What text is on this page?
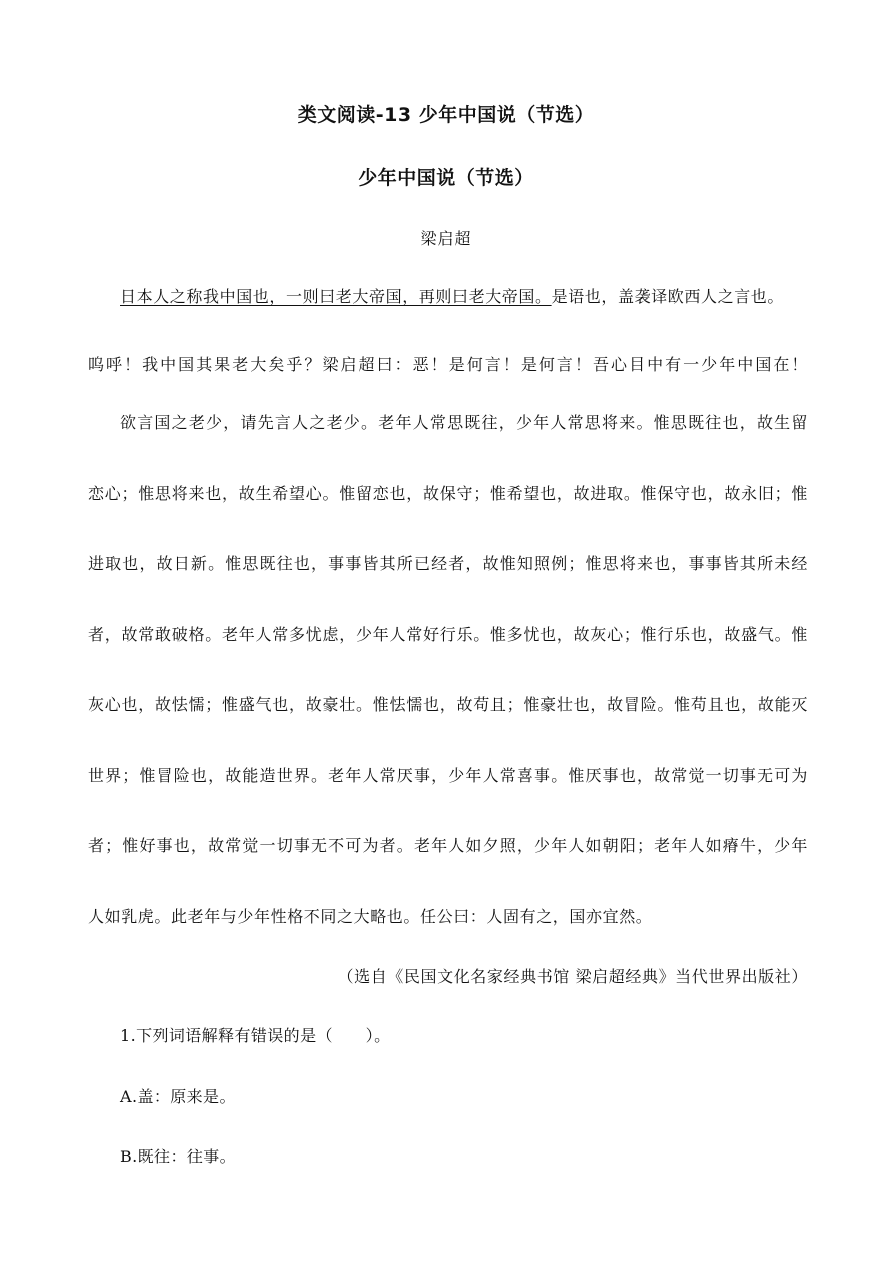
类文阅读-13 少年中国说（节选）
少年中国说（节选）
梁启超
日本人之称我中国也，一则曰老大帝国，再则曰老大帝国。是语也，盖袭译欧西人之言也。
呜呼！我中国其果老大矣乎？梁启超曰：恶！是何言！是何言！吾心目中有一少年中国在！
欲言国之老少，请先言人之老少。老年人常思既往，少年人常思将来。惟思既往也，故生留
恋心；惟思将来也，故生希望心。惟留恋也，故保守；惟希望也，故进取。惟保守也，故永旧；惟
进取也，故日新。惟思既往也，事事皆其所已经者，故惟知照例；惟思将来也，事事皆其所未经
者，故常敢破格。老年人常多忧虑，少年人常好行乐。惟多忧也，故灰心；惟行乐也，故盛气。惟
灰心也，故怯懦；惟盛气也，故豪壮。惟怯懦也，故苟且；惟豪壮也，故冒险。惟苟且也，故能灭
世界；惟冒险也，故能造世界。老年人常厌事，少年人常喜事。惟厌事也，故常觉一切事无可为
者；惟好事也，故常觉一切事无不可为者。老年人如夕照，少年人如朝阳；老年人如瘠牛，少年
人如乳虎。此老年与少年性格不同之大略也。任公曰：人固有之，国亦宜然。
（选自《民国文化名家经典书馆 梁启超经典》当代世界出版社）
1.下列词语解释有错误的是（　　）。
A.盖：原来是。
B.既往：往事。
